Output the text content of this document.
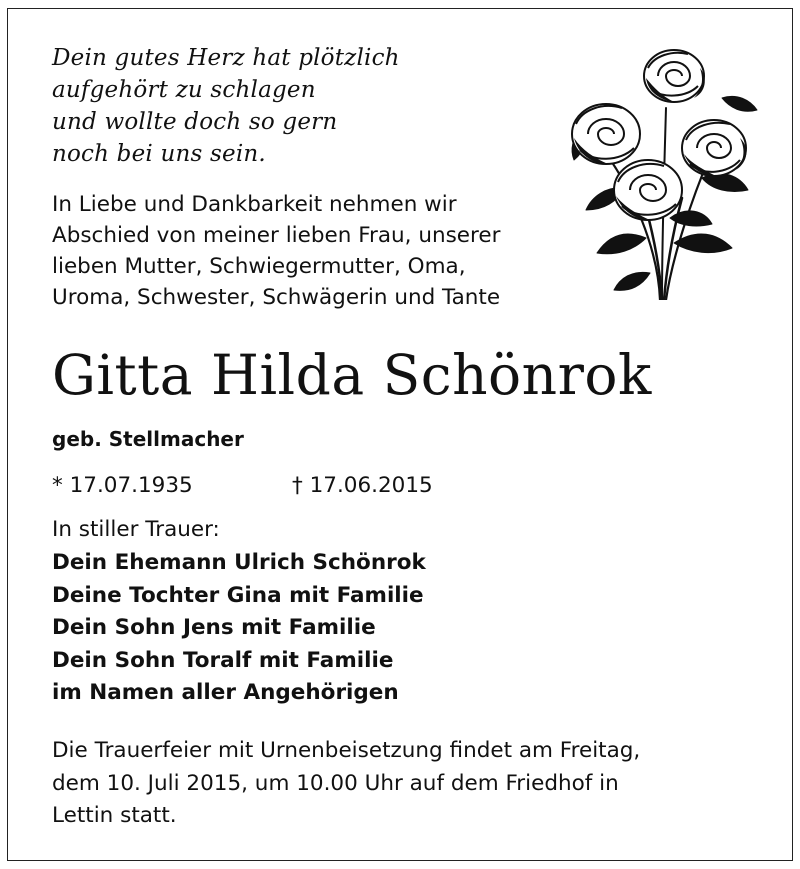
Dein gutes Herz hat plötzlich
aufgehört zu schlagen
und wollte doch so gern
noch bei uns sein.
In Liebe und Dankbarkeit nehmen wir
Abschied von meiner lieben Frau, unserer
lieben Mutter, Schwiegermutter, Oma,
Uroma, Schwester, Schwägerin und Tante
Gitta Hilda Schönrok
geb. Stellmacher
* 17.07.1935	† 17.06.2015
In stiller Trauer:
Dein Ehemann Ulrich Schönrok
Deine Tochter Gina mit Familie
Dein Sohn Jens mit Familie
Dein Sohn Toralf mit Familie
im Namen aller Angehörigen
Die Trauerfeier mit Urnenbeisetzung findet am Freitag,
dem 10. Juli 2015, um 10.00 Uhr auf dem Friedhof in
Lettin statt.
